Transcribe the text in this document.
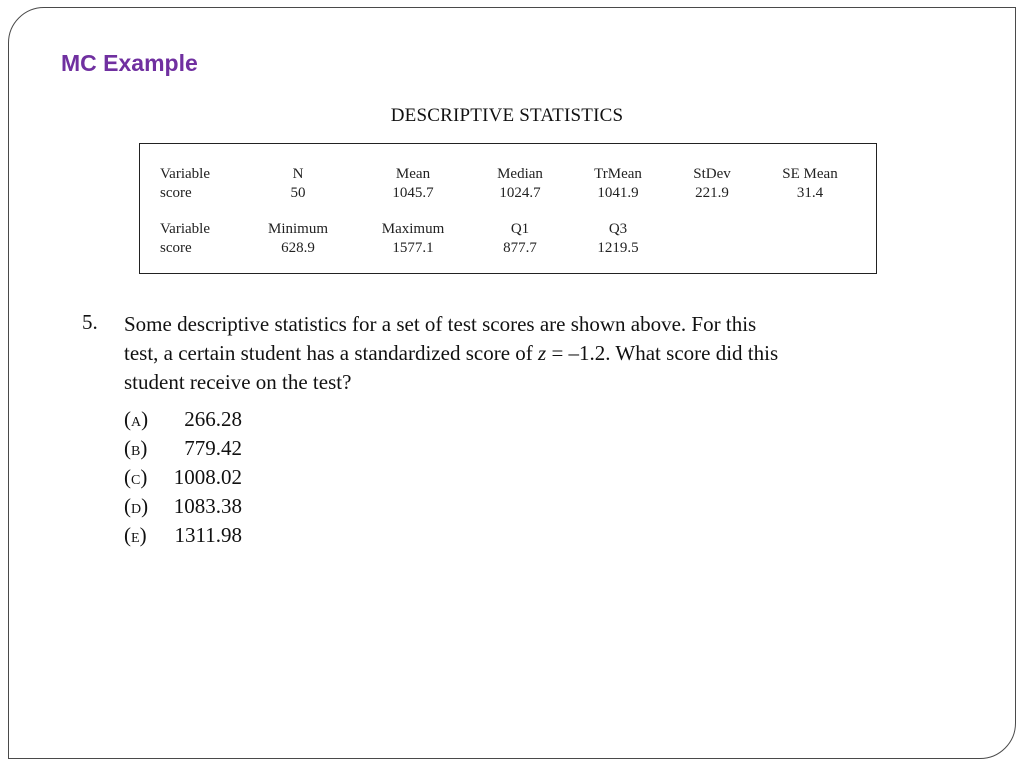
MC Example
DESCRIPTIVE STATISTICS
Variable
score
N
50
Mean
1045.7
Median
1024.7
TrMean
1041.9
StDev
221.9
SE Mean
31.4
Variable
score
Minimum
628.9
Maximum
1577.1
Q1
877.7
Q3
1219.5
5. Some descriptive statistics for a set of test scores are shown above. For this
test, a certain student has a standardized score of z = –1.2. What score did this
student receive on the test?
(A) 266.28
(B) 779.42
(C) 1008.02
(D) 1083.38
(E) 1311.98
